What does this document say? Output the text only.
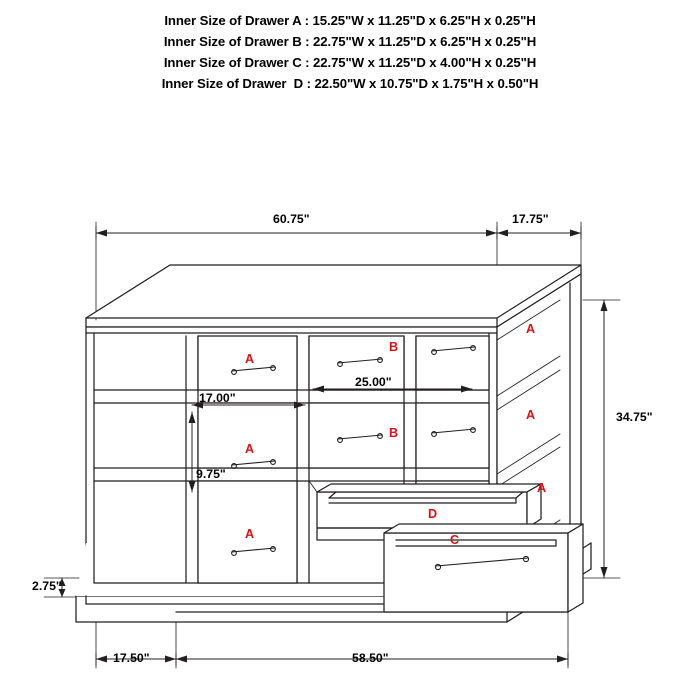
Inner Size of Drawer A : 15.25"W x 11.25"D x 6.25"H x 0.25"H
Inner Size of Drawer B : 22.75"W x 11.25"D x 6.25"H x 0.25"H
Inner Size of Drawer C : 22.75"W x 11.25"D x 4.00"H x 0.25"H
Inner Size of Drawer  D : 22.50"W x 10.75"D x 1.75"H x 0.50"H
60.75"	17.75"
17.00"
25.00"
9.75"
34.75"
2.75"
17.50"	58.50"
A
B
A
A
B
A
A
A
D
C
